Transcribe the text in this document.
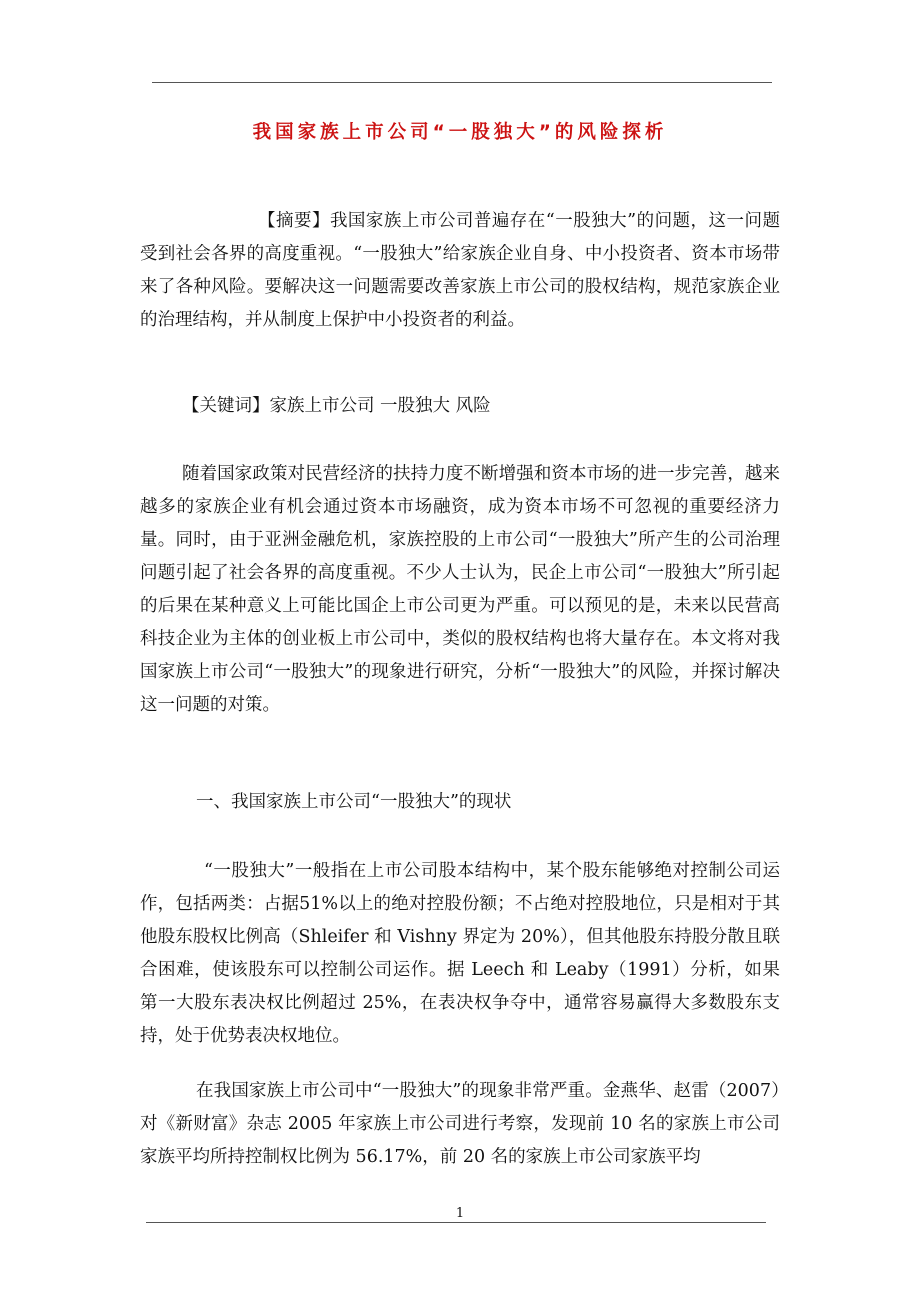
我国家族上市公司“一股独大”的风险探析

【摘要】我国家族上市公司普遍存在“一股独大”的问题，这一问题受到社会各界的高度重视。“一股独大”给家族企业自身、中小投资者、资本市场带来了各种风险。要解决这一问题需要改善家族上市公司的股权结构，规范家族企业的治理结构，并从制度上保护中小投资者的利益。

【关键词】家族上市公司 一股独大 风险

随着国家政策对民营经济的扶持力度不断增强和资本市场的进一步完善，越来越多的家族企业有机会通过资本市场融资，成为资本市场不可忽视的重要经济力量。同时，由于亚洲金融危机，家族控股的上市公司“一股独大”所产生的公司治理问题引起了社会各界的高度重视。不少人士认为，民企上市公司“一股独大”所引起的后果在某种意义上可能比国企上市公司更为严重。可以预见的是，未来以民营高科技企业为主体的创业板上市公司中，类似的股权结构也将大量存在。本文将对我国家族上市公司“一股独大”的现象进行研究，分析“一股独大”的风险，并探讨解决这一问题的对策。

一、我国家族上市公司“一股独大”的现状

“一股独大”一般指在上市公司股本结构中，某个股东能够绝对控制公司运作，包括两类：占据51%以上的绝对控股份额；不占绝对控股地位，只是相对于其他股东股权比例高（Shleifer 和 Vishny 界定为 20%），但其他股东持股分散且联合困难，使该股东可以控制公司运作。据 Leech 和 Leaby（1991）分析，如果第一大股东表决权比例超过 25%，在表决权争夺中，通常容易赢得大多数股东支持，处于优势表决权地位。

在我国家族上市公司中“一股独大”的现象非常严重。金燕华、赵雷（2007）对《新财富》杂志 2005 年家族上市公司进行考察，发现前 10 名的家族上市公司家族平均所持控制权比例为 56.17%，前 20 名的家族上市公司家族平均

1
